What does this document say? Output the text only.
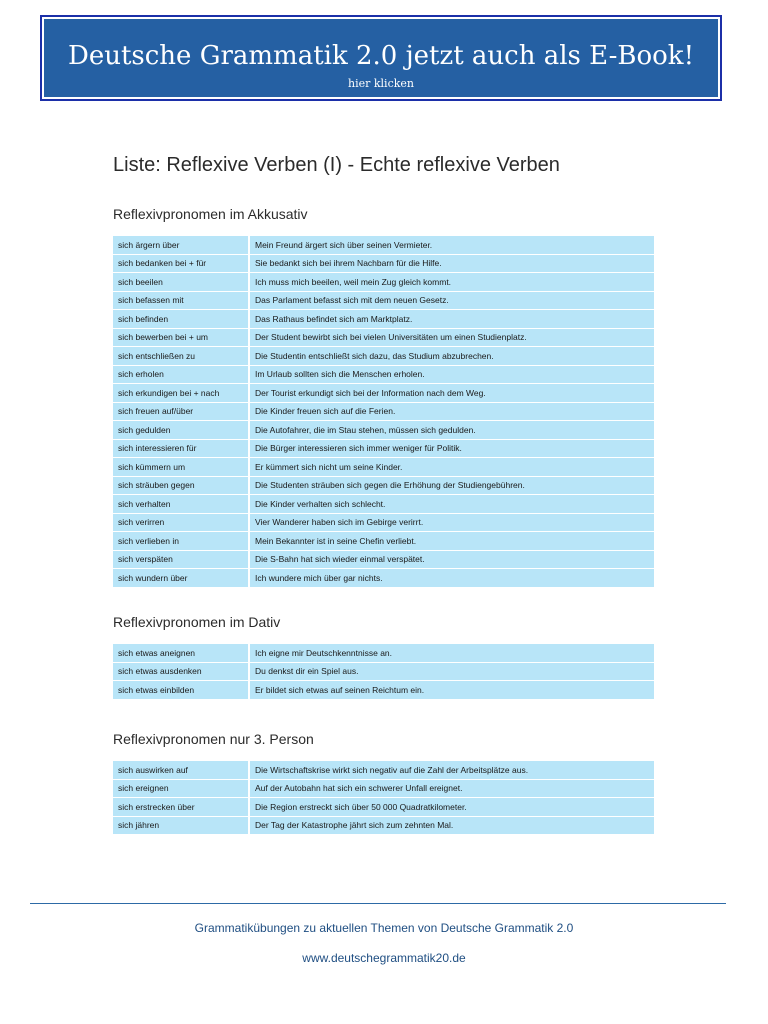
Deutsche Grammatik 2.0 jetzt auch als E-Book!
hier klicken
Liste: Reflexive Verben (I) - Echte reflexive Verben
Reflexivpronomen im Akkusativ
sich ärgern über	Mein Freund ärgert sich über seinen Vermieter.
sich bedanken bei + für	Sie bedankt sich bei ihrem Nachbarn für die Hilfe.
sich beeilen	Ich muss mich beeilen, weil mein Zug gleich kommt.
sich befassen mit	Das Parlament befasst sich mit dem neuen Gesetz.
sich befinden	Das Rathaus befindet sich am Marktplatz.
sich bewerben bei + um	Der Student bewirbt sich bei vielen Universitäten um einen Studienplatz.
sich entschließen zu	Die Studentin entschließt sich dazu, das Studium abzubrechen.
sich erholen	Im Urlaub sollten sich die Menschen erholen.
sich erkundigen bei + nach	Der Tourist erkundigt sich bei der Information nach dem Weg.
sich freuen auf/über	Die Kinder freuen sich auf die Ferien.
sich gedulden	Die Autofahrer, die im Stau stehen, müssen sich gedulden.
sich interessieren für	Die Bürger interessieren sich immer weniger für Politik.
sich kümmern um	Er kümmert sich nicht um seine Kinder.
sich sträuben gegen	Die Studenten sträuben sich gegen die Erhöhung der Studiengebühren.
sich verhalten	Die Kinder verhalten sich schlecht.
sich verirren	Vier Wanderer haben sich im Gebirge verirrt.
sich verlieben in	Mein Bekannter ist in seine Chefin verliebt.
sich verspäten	Die S-Bahn hat sich wieder einmal verspätet.
sich wundern über	Ich wundere mich über gar nichts.
Reflexivpronomen im Dativ
sich etwas aneignen	Ich eigne mir Deutschkenntnisse an.
sich etwas ausdenken	Du denkst dir ein Spiel aus.
sich etwas einbilden	Er bildet sich etwas auf seinen Reichtum ein.
Reflexivpronomen nur 3. Person
sich auswirken auf	Die Wirtschaftskrise wirkt sich negativ auf die Zahl der Arbeitsplätze aus.
sich ereignen	Auf der Autobahn hat sich ein schwerer Unfall ereignet.
sich erstrecken über	Die Region erstreckt sich über 50 000 Quadratkilometer.
sich jähren	Der Tag der Katastrophe jährt sich zum zehnten Mal.
Grammatikübungen zu aktuellen Themen von Deutsche Grammatik 2.0
www.deutschegrammatik20.de
